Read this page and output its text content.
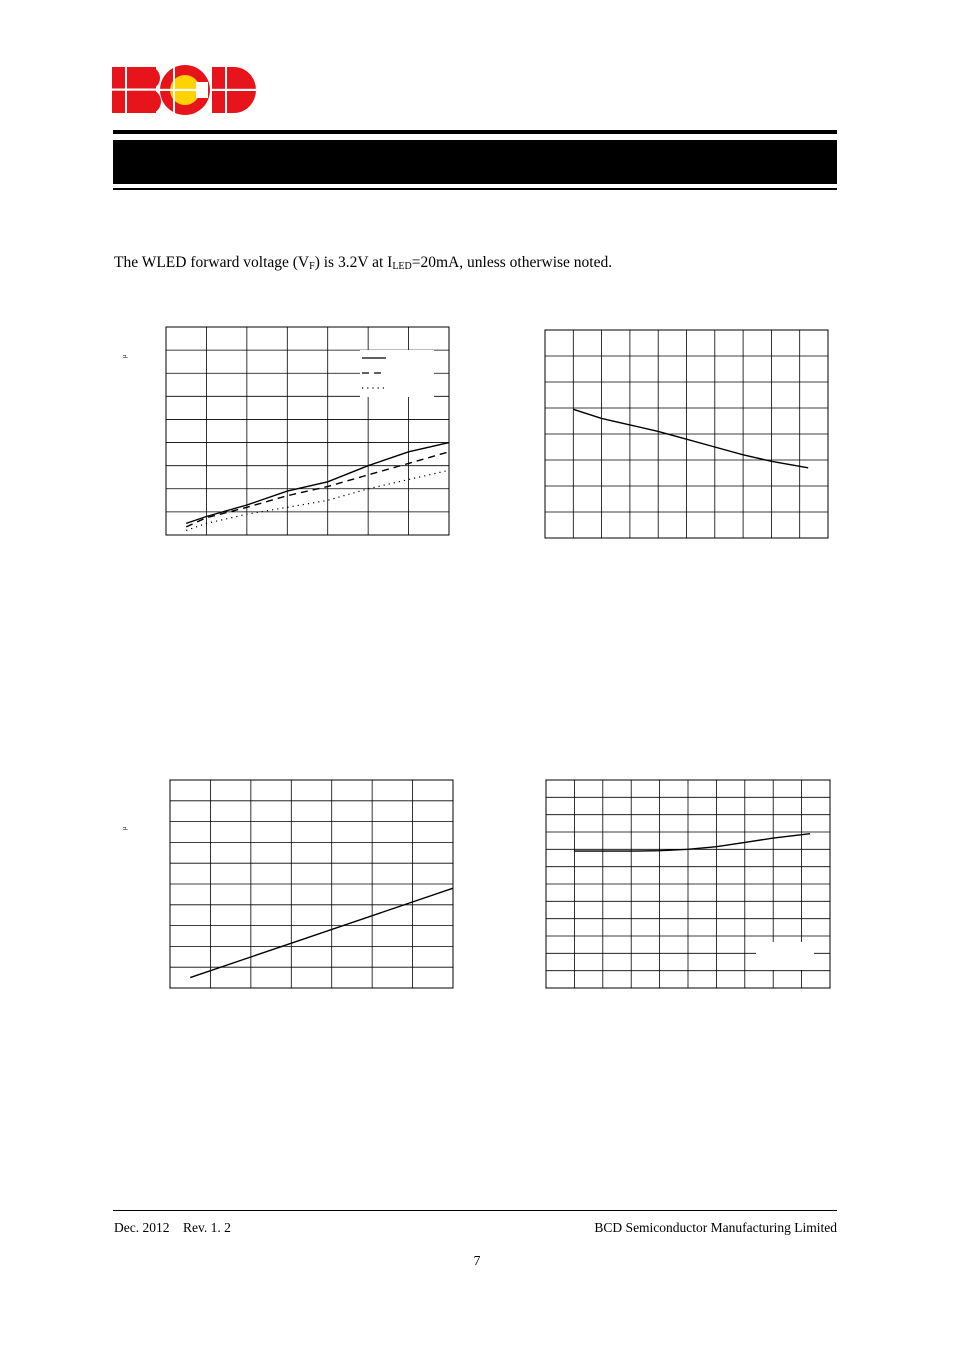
The WLED forward voltage $(V_F)$ is 3.2V at $I_{LED}=20mA$, unless otherwise noted.
μ
μ
Dec. 2012    Rev. 1. 2	BCD Semiconductor Manufacturing Limited
7
